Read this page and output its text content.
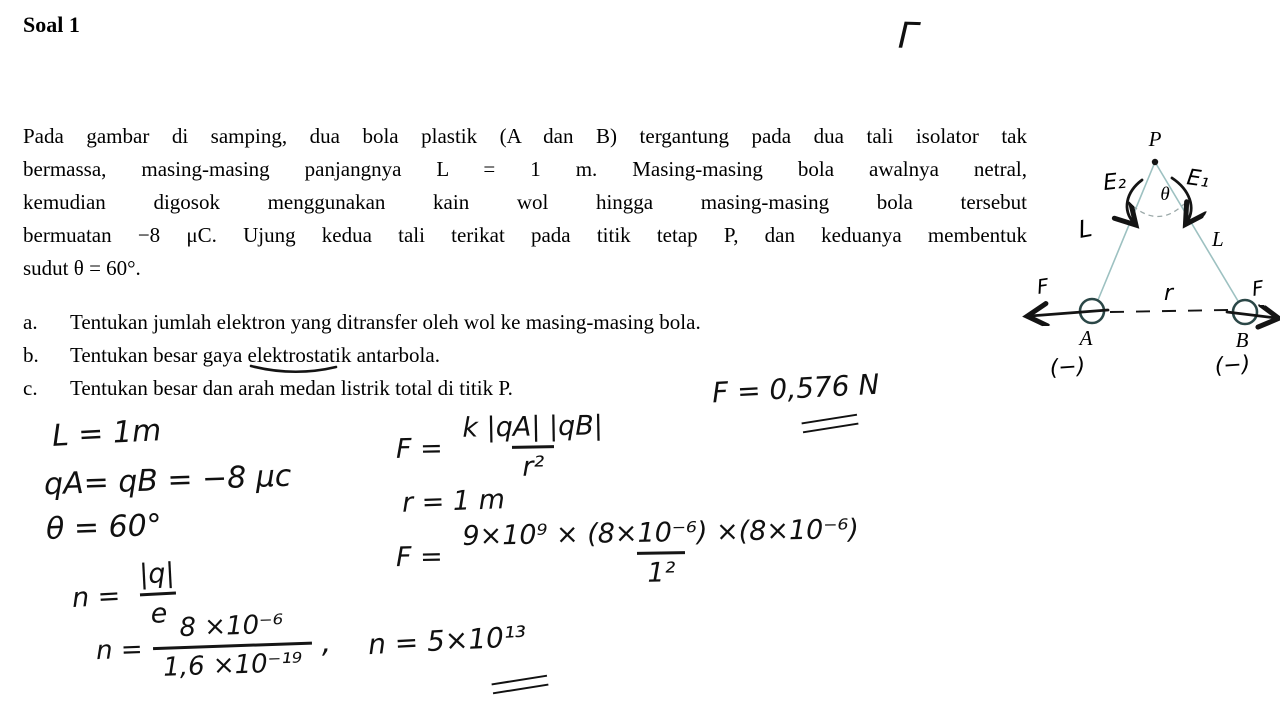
Soal 1	Γ
Pada gambar di samping, dua bola plastik (A dan B) tergantung pada dua tali isolator tak
bermassa, masing-masing panjangnya L = 1 m. Masing-masing bola awalnya netral,
kemudian digosok menggunakan kain wol hingga masing-masing bola tersebut
bermuatan −8 μC. Ujung kedua tali terikat pada titik tetap P, dan keduanya membentuk
sudut θ = 60°.
a. Tentukan jumlah elektron yang ditransfer oleh wol ke masing-masing bola.
b. Tentukan besar gaya elektrostatik antarbola.
c. Tentukan besar dan arah medan listrik total di titik P.
P
θ
E₂	E₁
L	L
r
F	F
A	B
(−)	(−)
L = 1m
qA= qB = −8 μc
θ = 60°
$n = \frac{|q|}{e}$
$n = \frac{\text{8 ×10⁻⁶}}{\text{1,6 ×10⁻¹⁹}}$ , n = 5×10¹³
$F = \frac{k |qA| |qB|}{\text{r²}}$
r = 1 m
$F = \frac{\text{9×10⁹ × (8×10⁻⁶) ×(8×10⁻⁶)}}{\text{1²}}$
F = 0,576 N
